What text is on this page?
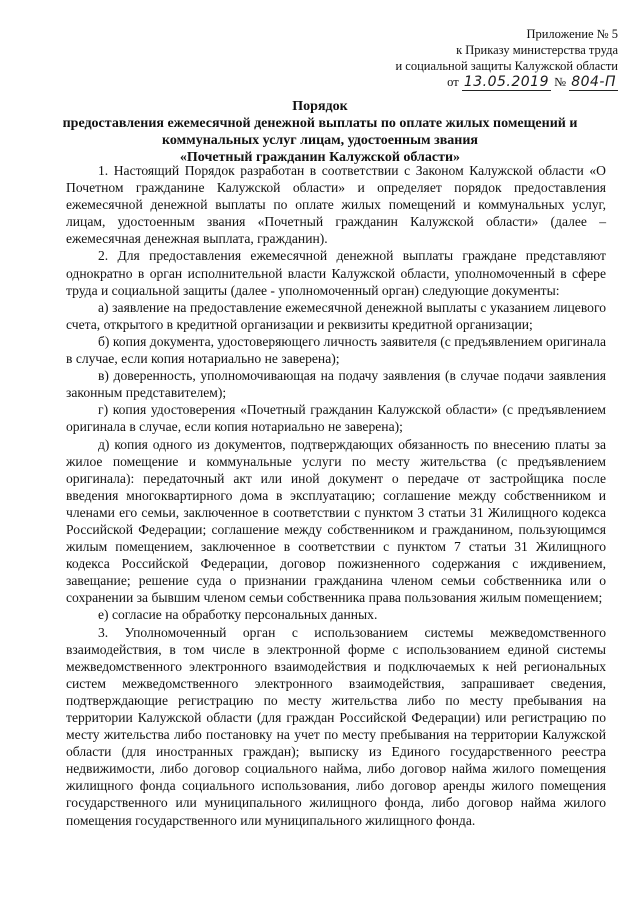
Приложение № 5
к Приказу министерства труда
и социальной защиты Калужской области
от 13.05.2019 № 804-П
Порядок
предоставления ежемесячной денежной выплаты по оплате жилых помещений и
коммунальных услуг лицам, удостоенным звания
«Почетный гражданин Калужской области»

1. Настоящий Порядок разработан в соответствии с Законом Калужской области «О Почетном гражданине Калужской области» и определяет порядок предоставления ежемесячной денежной выплаты по оплате жилых помещений и коммунальных услуг, лицам, удостоенным звания «Почетный гражданин Калужской области» (далее – ежемесячная денежная выплата, гражданин).

2. Для предоставления ежемесячной денежной выплаты граждане представляют однократно в орган исполнительной власти Калужской области, уполномоченный в сфере труда и социальной защиты (далее - уполномоченный орган) следующие документы:

а) заявление на предоставление ежемесячной денежной выплаты с указанием лицевого счета, открытого в кредитной организации и реквизиты кредитной организации;

б) копия документа, удостоверяющего личность заявителя (с предъявлением оригинала в случае, если копия нотариально не заверена);

в) доверенность, уполномочивающая на подачу заявления (в случае подачи заявления законным представителем);

г) копия удостоверения «Почетный гражданин Калужской области» (с предъявлением оригинала в случае, если копия нотариально не заверена);

д) копия одного из документов, подтверждающих обязанность по внесению платы за жилое помещение и коммунальные услуги по месту жительства (с предъявлением оригинала): передаточный акт или иной документ о передаче от застройщика после введения многоквартирного дома в эксплуатацию; соглашение между собственником и членами его семьи, заключенное в соответствии с пунктом 3 статьи 31 Жилищного кодекса Российской Федерации; соглашение между собственником и гражданином, пользующимся жилым помещением, заключенное в соответствии с пунктом 7 статьи 31 Жилищного кодекса Российской Федерации, договор пожизненного содержания с иждивением, завещание; решение суда о признании гражданина членом семьи собственника или о сохранении за бывшим членом семьи собственника права пользования жилым помещением;

е) согласие на обработку персональных данных.

3. Уполномоченный орган с использованием системы межведомственного взаимодействия, в том числе в электронной форме с использованием единой системы межведомственного электронного взаимодействия и подключаемых к ней региональных систем межведомственного электронного взаимодействия, запрашивает сведения, подтверждающие регистрацию по месту жительства либо по месту пребывания на территории Калужской области (для граждан Российской Федерации) или регистрацию по месту жительства либо постановку на учет по месту пребывания на территории Калужской области (для иностранных граждан); выписку из Единого государственного реестра недвижимости, либо договор социального найма, либо договор найма жилого помещения жилищного фонда социального использования, либо договор аренды жилого помещения государственного или муниципального жилищного фонда, либо договор найма жилого помещения государственного или муниципального жилищного фонда.
